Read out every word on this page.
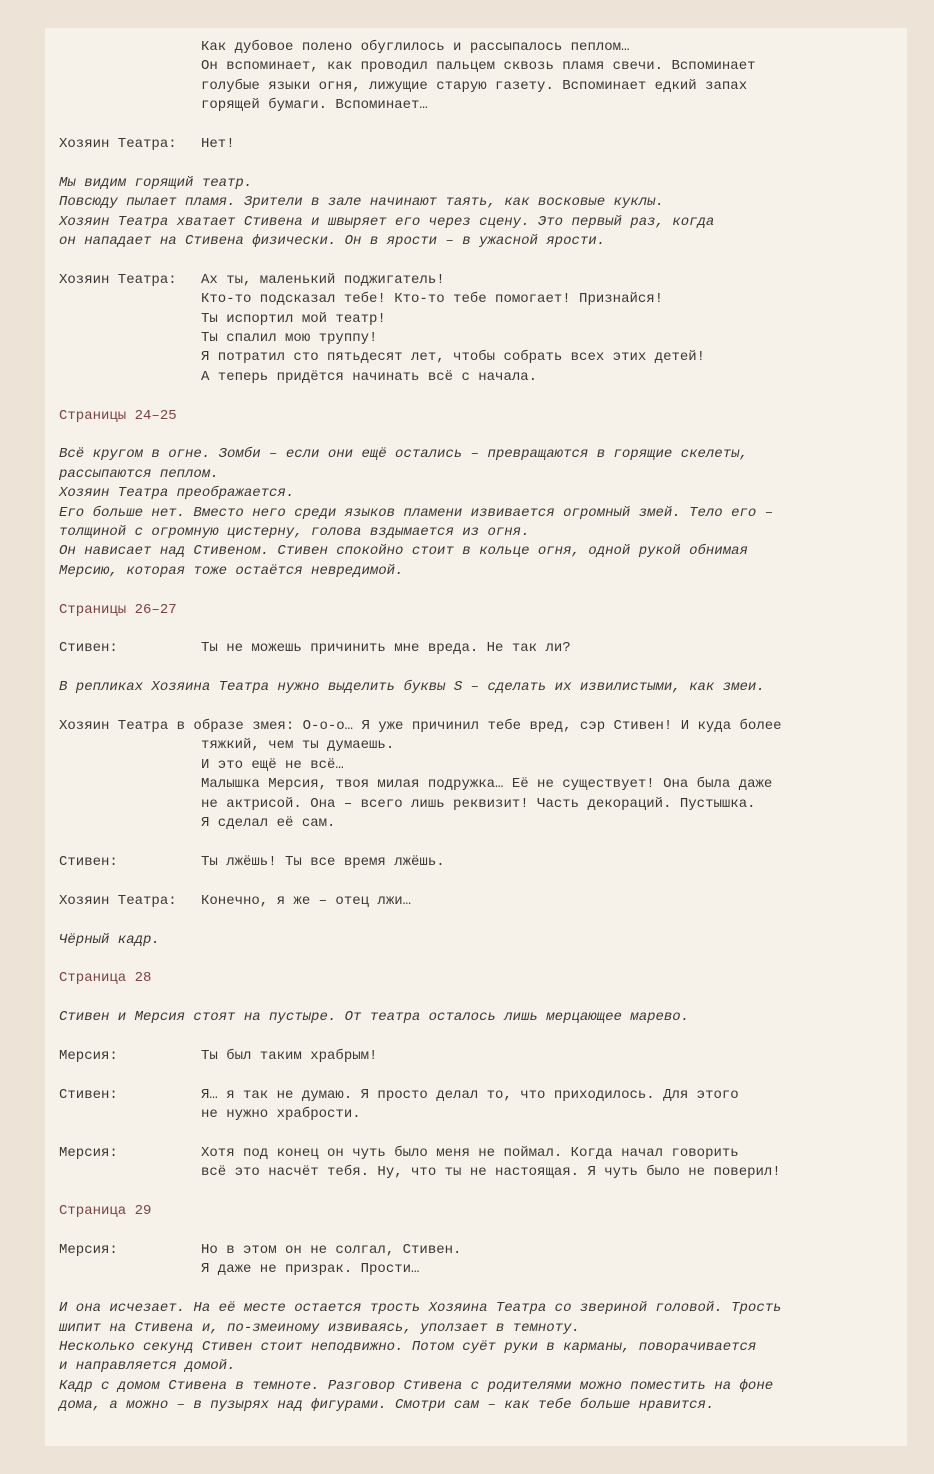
Как дубовое полено обуглилось и рассыпалось пеплом…
Он вспоминает, как проводил пальцем сквозь пламя свечи. Вспоминает
голубые языки огня, лижущие старую газету. Вспоминает едкий запах
горящей бумаги. Вспоминает…
Хозяин Театра:	Нет!
Мы видим горящий театр.
Повсюду пылает пламя. Зрители в зале начинают таять, как восковые куклы.
Хозяин Театра хватает Стивена и швыряет его через сцену. Это первый раз, когда
он нападает на Стивена физически. Он в ярости – в ужасной ярости.
Хозяин Театра:	Ах ты, маленький поджигатель!
Кто-то подсказал тебе! Кто-то тебе помогает! Признайся!
Ты испортил мой театр!
Ты спалил мою труппу!
Я потратил сто пятьдесят лет, чтобы собрать всех этих детей!
А теперь придётся начинать всё с начала.
Страницы 24–25
Всё кругом в огне. Зомби – если они ещё остались – превращаются в горящие скелеты,
рассыпаются пеплом.
Хозяин Театра преображается.
Его больше нет. Вместо него среди языков пламени извивается огромный змей. Тело его –
толщиной с огромную цистерну, голова вздымается из огня.
Он нависает над Стивеном. Стивен спокойно стоит в кольце огня, одной рукой обнимая
Мерсию, которая тоже остаётся невредимой.
Страницы 26–27
Стивен:	Ты не можешь причинить мне вреда. Не так ли?
В репликах Хозяина Театра нужно выделить буквы S – сделать их извилистыми, как змеи.
Хозяин Театра в образе змея: О-о-о… Я уже причинил тебе вред, сэр Стивен! И куда более
тяжкий, чем ты думаешь.
И это ещё не всё…
Малышка Мерсия, твоя милая подружка… Её не существует! Она была даже
не актрисой. Она – всего лишь реквизит! Часть декораций. Пустышка.
Я сделал её сам.
Стивен:	Ты лжёшь! Ты все время лжёшь.
Хозяин Театра:	Конечно, я же – отец лжи…
Чёрный кадр.
Страница 28
Стивен и Мерсия стоят на пустыре. От театра осталось лишь мерцающее марево.
Мерсия:	Ты был таким храбрым!
Стивен:	Я… я так не думаю. Я просто делал то, что приходилось. Для этого
не нужно храбрости.
Мерсия:	Хотя под конец он чуть было меня не поймал. Когда начал говорить
всё это насчёт тебя. Ну, что ты не настоящая. Я чуть было не поверил!
Страница 29
Мерсия:	Но в этом он не солгал, Стивен.
Я даже не призрак. Прости…
И она исчезает. На её месте остается трость Хозяина Театра со звериной головой. Трость
шипит на Стивена и, по-змеиному извиваясь, уползает в темноту.
Несколько секунд Стивен стоит неподвижно. Потом суёт руки в карманы, поворачивается
и направляется домой.
Кадр с домом Стивена в темноте. Разговор Стивена с родителями можно поместить на фоне
дома, а можно – в пузырях над фигурами. Смотри сам – как тебе больше нравится.
